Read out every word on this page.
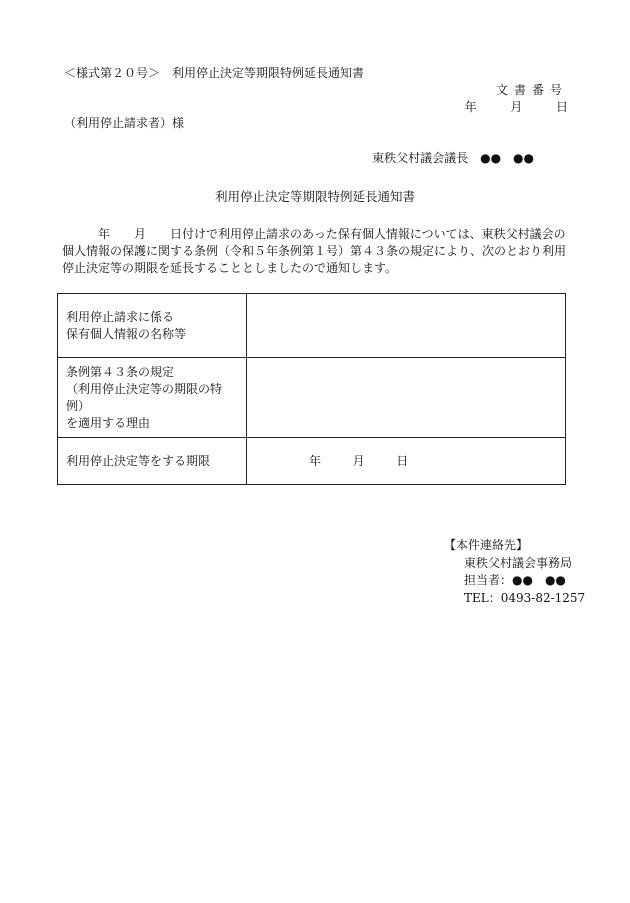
＜様式第２０号＞　利用停止決定等期限特例延長通知書
文書番号
年	月	日
（利用停止請求者）様
東秩父村議会議長　●●　●●
利用停止決定等期限特例延長通知書
年　　月　　日付けで利用停止請求のあった保有個人情報については、東秩父村議会の個人情報の保護に関する条例（令和５年条例第１号）第４３条の規定により、次のとおり利用停止決定等の期限を延長することとしましたので通知します。
利用停止請求に係る
保有個人情報の名称等	

条例第４３条の規定
（利用停止決定等の期限の特例）
を適用する理由	

利用停止決定等をする期限	年 月 日
【本件連絡先】
東秩父村議会事務局
担当者：●●　●●
TEL：0493-82-1257
